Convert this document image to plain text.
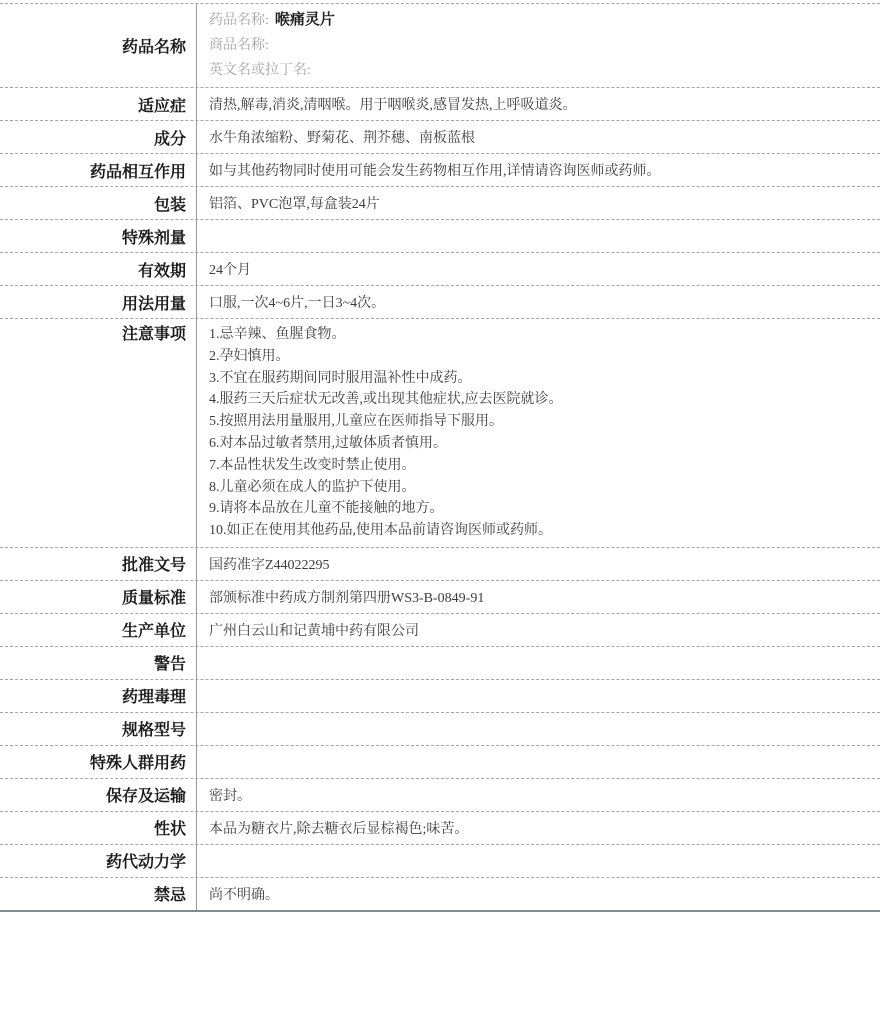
药品名称
药品名称: 喉痛灵片
商品名称:
英文名或拉丁名:
适应症 清热,解毒,消炎,清咽喉。用于咽喉炎,感冒发热,上呼吸道炎。
成分 水牛角浓缩粉、野菊花、荆芥穗、南板蓝根
药品相互作用 如与其他药物同时使用可能会发生药物相互作用,详情请咨询医师或药师。
包装 铝箔、PVC泡罩,每盒装24片
特殊剂量
有效期 24个月
用法用量 口服,一次4~6片,一日3~4次。
注意事项 1.忌辛辣、鱼腥食物。
2.孕妇慎用。
3.不宜在服药期间同时服用温补性中成药。
4.服药三天后症状无改善,或出现其他症状,应去医院就诊。
5.按照用法用量服用,儿童应在医师指导下服用。
6.对本品过敏者禁用,过敏体质者慎用。
7.本品性状发生改变时禁止使用。
8.儿童必须在成人的监护下使用。
9.请将本品放在儿童不能接触的地方。
10.如正在使用其他药品,使用本品前请咨询医师或药师。
批准文号 国药准字Z44022295
质量标准 部颁标准中药成方制剂第四册WS3-B-0849-91
生产单位 广州白云山和记黄埔中药有限公司
警告
药理毒理
规格型号
特殊人群用药
保存及运输 密封。
性状 本品为糖衣片,除去糖衣后显棕褐色;味苦。
药代动力学
禁忌 尚不明确。
